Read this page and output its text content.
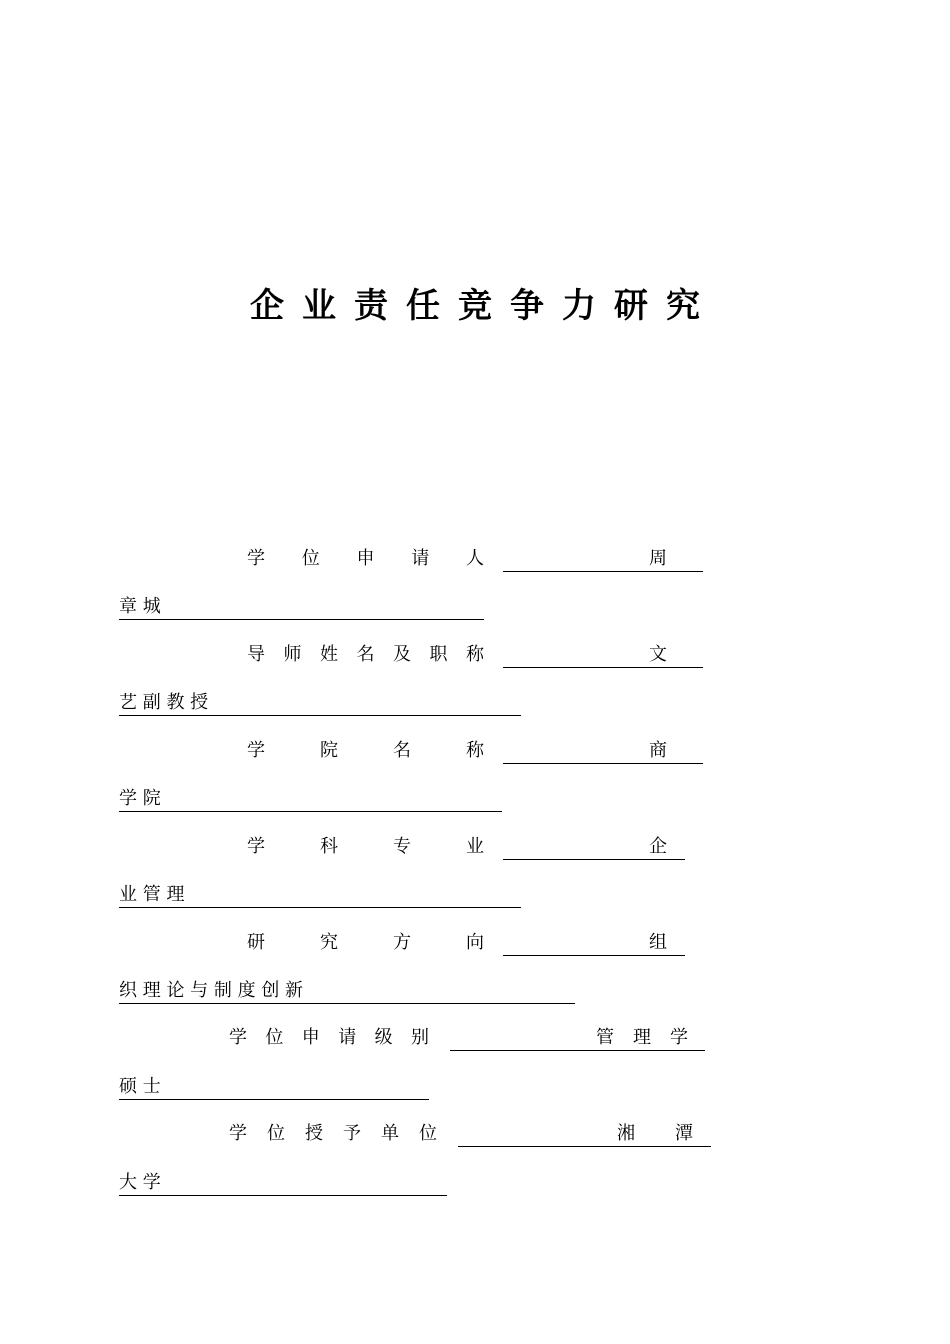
企业责任竞争力研究
学位申请人	周
章 城
导师姓名及职称	文
艺 副 教 授
学院名称	商
学 院
学科专业	企
业 管 理
研究方向	组
织 理 论 与 制 度 创 新
学位申请级别	管 理 学
硕 士
学位授予单位	湘 潭
大 学
